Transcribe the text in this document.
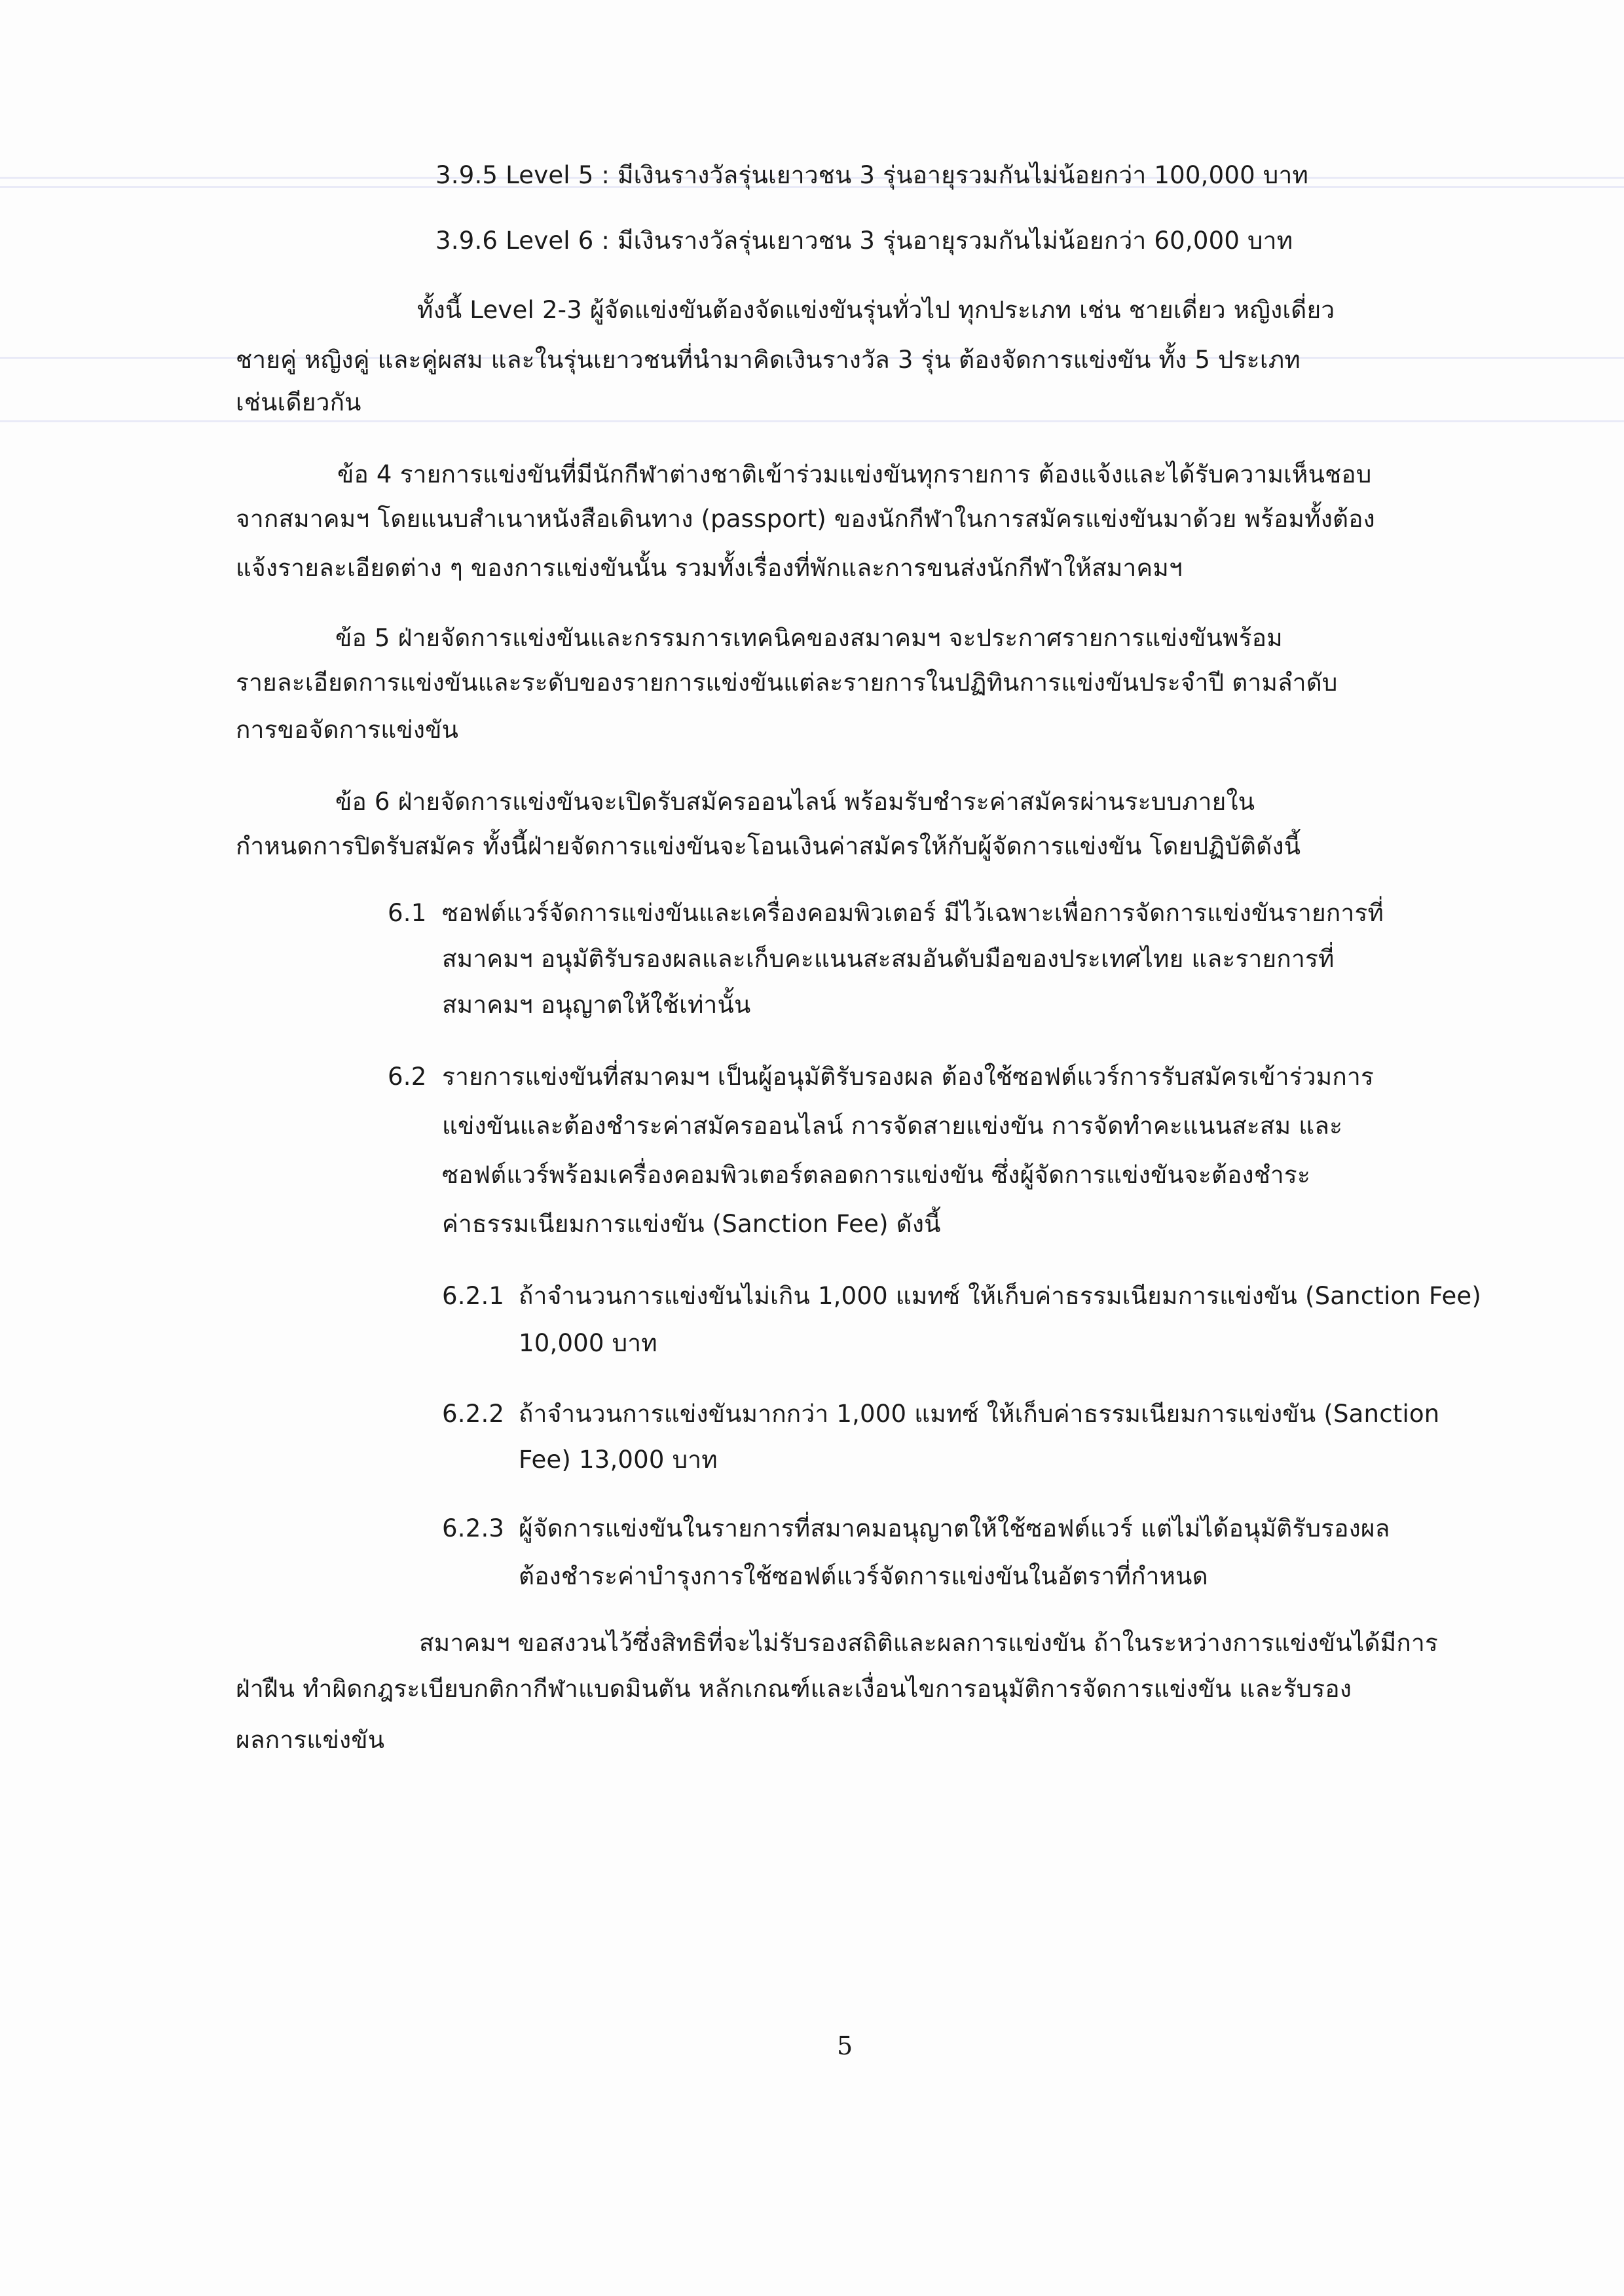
3.9.5 Level 5 : มีเงินรางวัลรุ่นเยาวชน 3 รุ่นอายุรวมกันไม่น้อยกว่า 100,000 บาท
3.9.6 Level 6 : มีเงินรางวัลรุ่นเยาวชน 3 รุ่นอายุรวมกันไม่น้อยกว่า 60,000 บาท
ทั้งนี้ Level 2-3 ผู้จัดแข่งขันต้องจัดแข่งขันรุ่นทั่วไป ทุกประเภท เช่น ชายเดี่ยว หญิงเดี่ยว
ชายคู่ หญิงคู่ และคู่ผสม และในรุ่นเยาวชนที่นำมาคิดเงินรางวัล 3 รุ่น ต้องจัดการแข่งขัน ทั้ง 5 ประเภท
เช่นเดียวกัน
ข้อ 4 รายการแข่งขันที่มีนักกีฬาต่างชาติเข้าร่วมแข่งขันทุกรายการ ต้องแจ้งและได้รับความเห็นชอบ
จากสมาคมฯ โดยแนบสำเนาหนังสือเดินทาง (passport) ของนักกีฬาในการสมัครแข่งขันมาด้วย พร้อมทั้งต้อง
แจ้งรายละเอียดต่าง ๆ ของการแข่งขันนั้น รวมทั้งเรื่องที่พักและการขนส่งนักกีฬาให้สมาคมฯ
ข้อ 5 ฝ่ายจัดการแข่งขันและกรรมการเทคนิคของสมาคมฯ จะประกาศรายการแข่งขันพร้อม
รายละเอียดการแข่งขันและระดับของรายการแข่งขันแต่ละรายการในปฏิทินการแข่งขันประจำปี ตามลำดับ
การขอจัดการแข่งขัน
ข้อ 6 ฝ่ายจัดการแข่งขันจะเปิดรับสมัครออนไลน์ พร้อมรับชำระค่าสมัครผ่านระบบภายใน
กำหนดการปิดรับสมัคร ทั้งนี้ฝ่ายจัดการแข่งขันจะโอนเงินค่าสมัครให้กับผู้จัดการแข่งขัน โดยปฏิบัติดังนี้
6.1 ซอฟต์แวร์จัดการแข่งขันและเครื่องคอมพิวเตอร์ มีไว้เฉพาะเพื่อการจัดการแข่งขันรายการที่
สมาคมฯ อนุมัติรับรองผลและเก็บคะแนนสะสมอันดับมือของประเทศไทย และรายการที่
สมาคมฯ อนุญาตให้ใช้เท่านั้น
6.2 รายการแข่งขันที่สมาคมฯ เป็นผู้อนุมัติรับรองผล ต้องใช้ซอฟต์แวร์การรับสมัครเข้าร่วมการ
แข่งขันและต้องชำระค่าสมัครออนไลน์ การจัดสายแข่งขัน การจัดทำคะแนนสะสม และ
ซอฟต์แวร์พร้อมเครื่องคอมพิวเตอร์ตลอดการแข่งขัน ซึ่งผู้จัดการแข่งขันจะต้องชำระ
ค่าธรรมเนียมการแข่งขัน (Sanction Fee) ดังนี้
6.2.1 ถ้าจำนวนการแข่งขันไม่เกิน 1,000 แมทซ์ ให้เก็บค่าธรรมเนียมการแข่งขัน (Sanction Fee)
10,000 บาท
6.2.2 ถ้าจำนวนการแข่งขันมากกว่า 1,000 แมทซ์ ให้เก็บค่าธรรมเนียมการแข่งขัน (Sanction
Fee) 13,000 บาท
6.2.3 ผู้จัดการแข่งขันในรายการที่สมาคมอนุญาตให้ใช้ซอฟต์แวร์ แต่ไม่ได้อนุมัติรับรองผล
ต้องชำระค่าบำรุงการใช้ซอฟต์แวร์จัดการแข่งขันในอัตราที่กำหนด
สมาคมฯ ขอสงวนไว้ซึ่งสิทธิที่จะไม่รับรองสถิติและผลการแข่งขัน ถ้าในระหว่างการแข่งขันได้มีการ
ฝ่าฝืน ทำผิดกฎระเบียบกติกากีฬาแบดมินตัน หลักเกณฑ์และเงื่อนไขการอนุมัติการจัดการแข่งขัน และรับรอง
ผลการแข่งขัน
5
